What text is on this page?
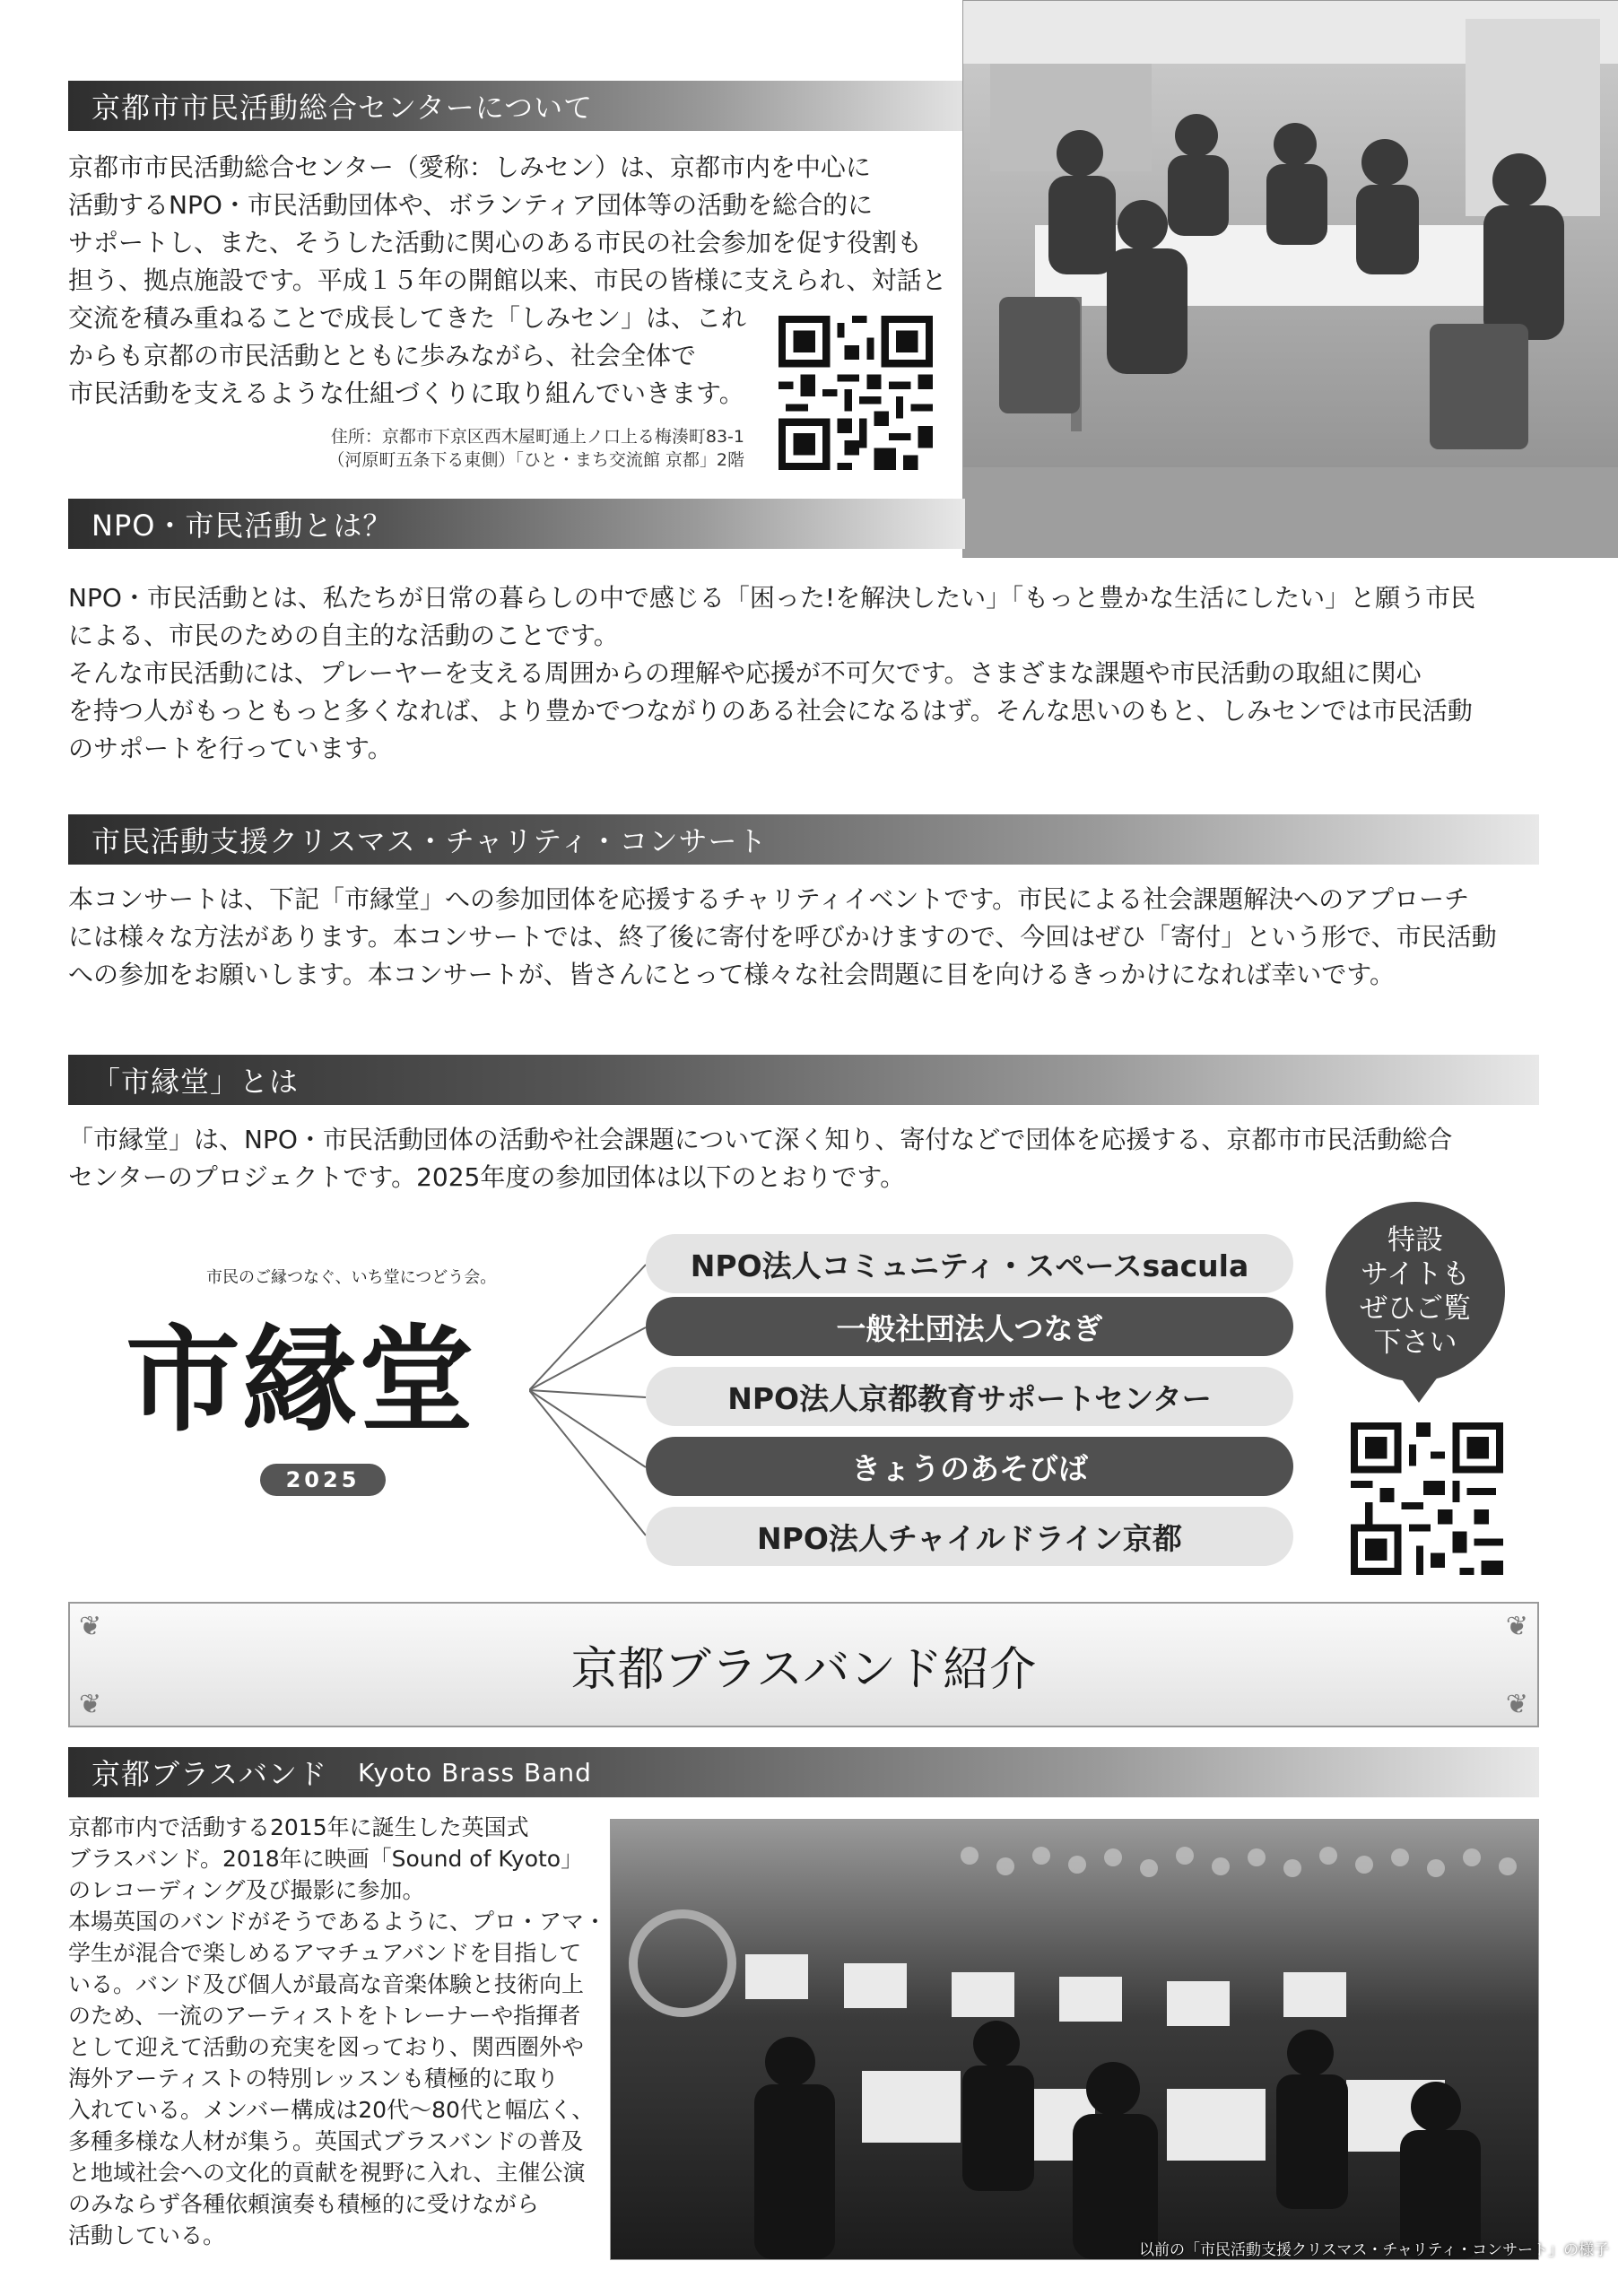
京都市市民活動総合センターについて
京都市市民活動総合センター（愛称：しみセン）は、京都市内を中心に
活動するNPO・市民活動団体や、ボランティア団体等の活動を総合的に
サポートし、また、そうした活動に関心のある市民の社会参加を促す役割も
担う、拠点施設です。平成１５年の開館以来、市民の皆様に支えられ、対話と
交流を積み重ねることで成長してきた「しみセン」は、これ
からも京都の市民活動とともに歩みながら、社会全体で
市民活動を支えるような仕組づくりに取り組んでいきます。
住所：京都市下京区西木屋町通上ノ口上る梅湊町83-1
（河原町五条下る東側）「ひと・まち交流館 京都」2階
NPO・市民活動とは？
NPO・市民活動とは、私たちが日常の暮らしの中で感じる「困った!を解決したい」「もっと豊かな生活にしたい」と願う市民
による、市民のための自主的な活動のことです。
そんな市民活動には、プレーヤーを支える周囲からの理解や応援が不可欠です。さまざまな課題や市民活動の取組に関心
を持つ人がもっともっと多くなれば、より豊かでつながりのある社会になるはず。そんな思いのもと、しみセンでは市民活動
のサポートを行っています。
市民活動支援クリスマス・チャリティ・コンサート
本コンサートは、下記「市縁堂」への参加団体を応援するチャリティイベントです。市民による社会課題解決へのアプローチ
には様々な方法があります。本コンサートでは、終了後に寄付を呼びかけますので、今回はぜひ「寄付」という形で、市民活動
への参加をお願いします。本コンサートが、皆さんにとって様々な社会問題に目を向けるきっかけになれば幸いです。
「市縁堂」とは
「市縁堂」は、NPO・市民活動団体の活動や社会課題について深く知り、寄付などで団体を応援する、京都市市民活動総合
センターのプロジェクトです。2025年度の参加団体は以下のとおりです。
市民のご縁つなぐ、いち堂につどう会。
市縁堂
2025
NPO法人コミュニティ・スペースsacula
一般社団法人つなぎ
NPO法人京都教育サポートセンター
きょうのあそびば
NPO法人チャイルドライン京都
特設
サイトも
ぜひご覧
下さい
❦
京都ブラスバンド紹介
❦
❦	❦
京都ブラスバンド Kyoto Brass Band
京都市内で活動する2015年に誕生した英国式
ブラスバンド。2018年に映画「Sound of Kyoto」
のレコーディング及び撮影に参加。
本場英国のバンドがそうであるように、プロ・アマ・
学生が混合で楽しめるアマチュアバンドを目指して
いる。バンド及び個人が最高な音楽体験と技術向上
のため、一流のアーティストをトレーナーや指揮者
として迎えて活動の充実を図っており、関西圏外や
海外アーティストの特別レッスンも積極的に取り
入れている。メンバー構成は20代～80代と幅広く、
多種多様な人材が集う。英国式ブラスバンドの普及
と地域社会への文化的貢献を視野に入れ、主催公演
のみならず各種依頼演奏も積極的に受けながら
活動している。
以前の「市民活動支援クリスマス・チャリティ・コンサート」の様子
